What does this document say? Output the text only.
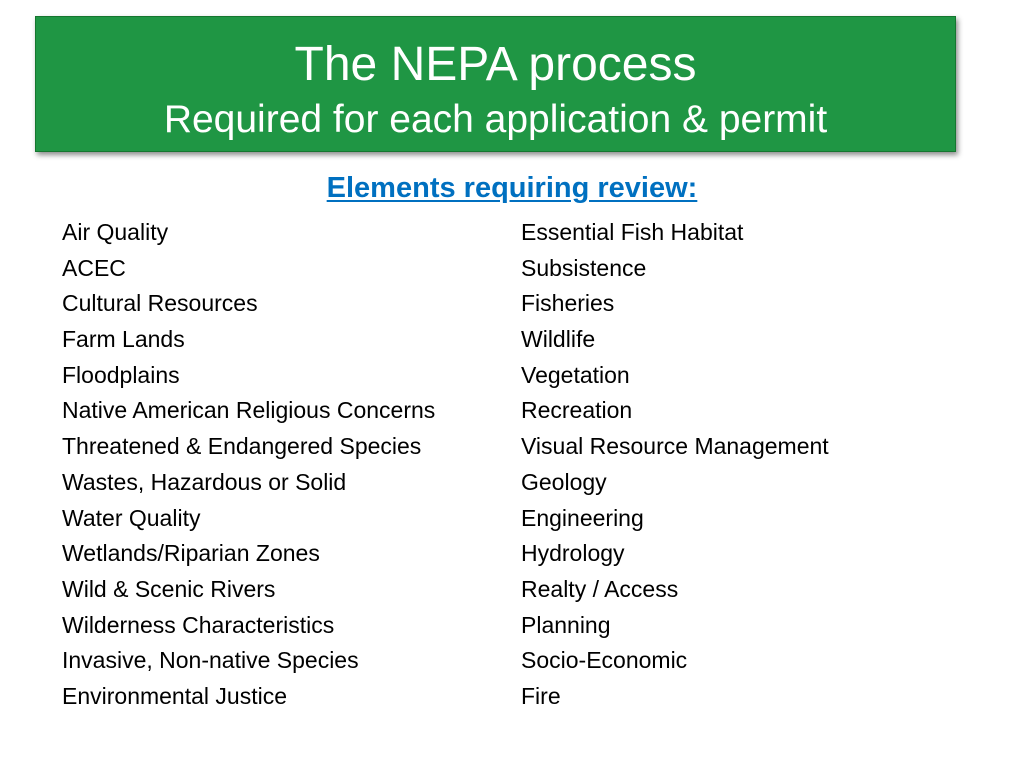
The NEPA process
Required for each application & permit
Elements requiring review:
Air Quality
ACEC
Cultural Resources
Farm Lands
Floodplains
Native American Religious Concerns
Threatened & Endangered Species
Wastes, Hazardous or Solid
Water Quality
Wetlands/Riparian Zones
Wild & Scenic Rivers
Wilderness Characteristics
Invasive, Non-native Species
Environmental Justice
Essential Fish Habitat
Subsistence
Fisheries
Wildlife
Vegetation
Recreation
Visual Resource Management
Geology
Engineering
Hydrology
Realty / Access
Planning
Socio-Economic
Fire
